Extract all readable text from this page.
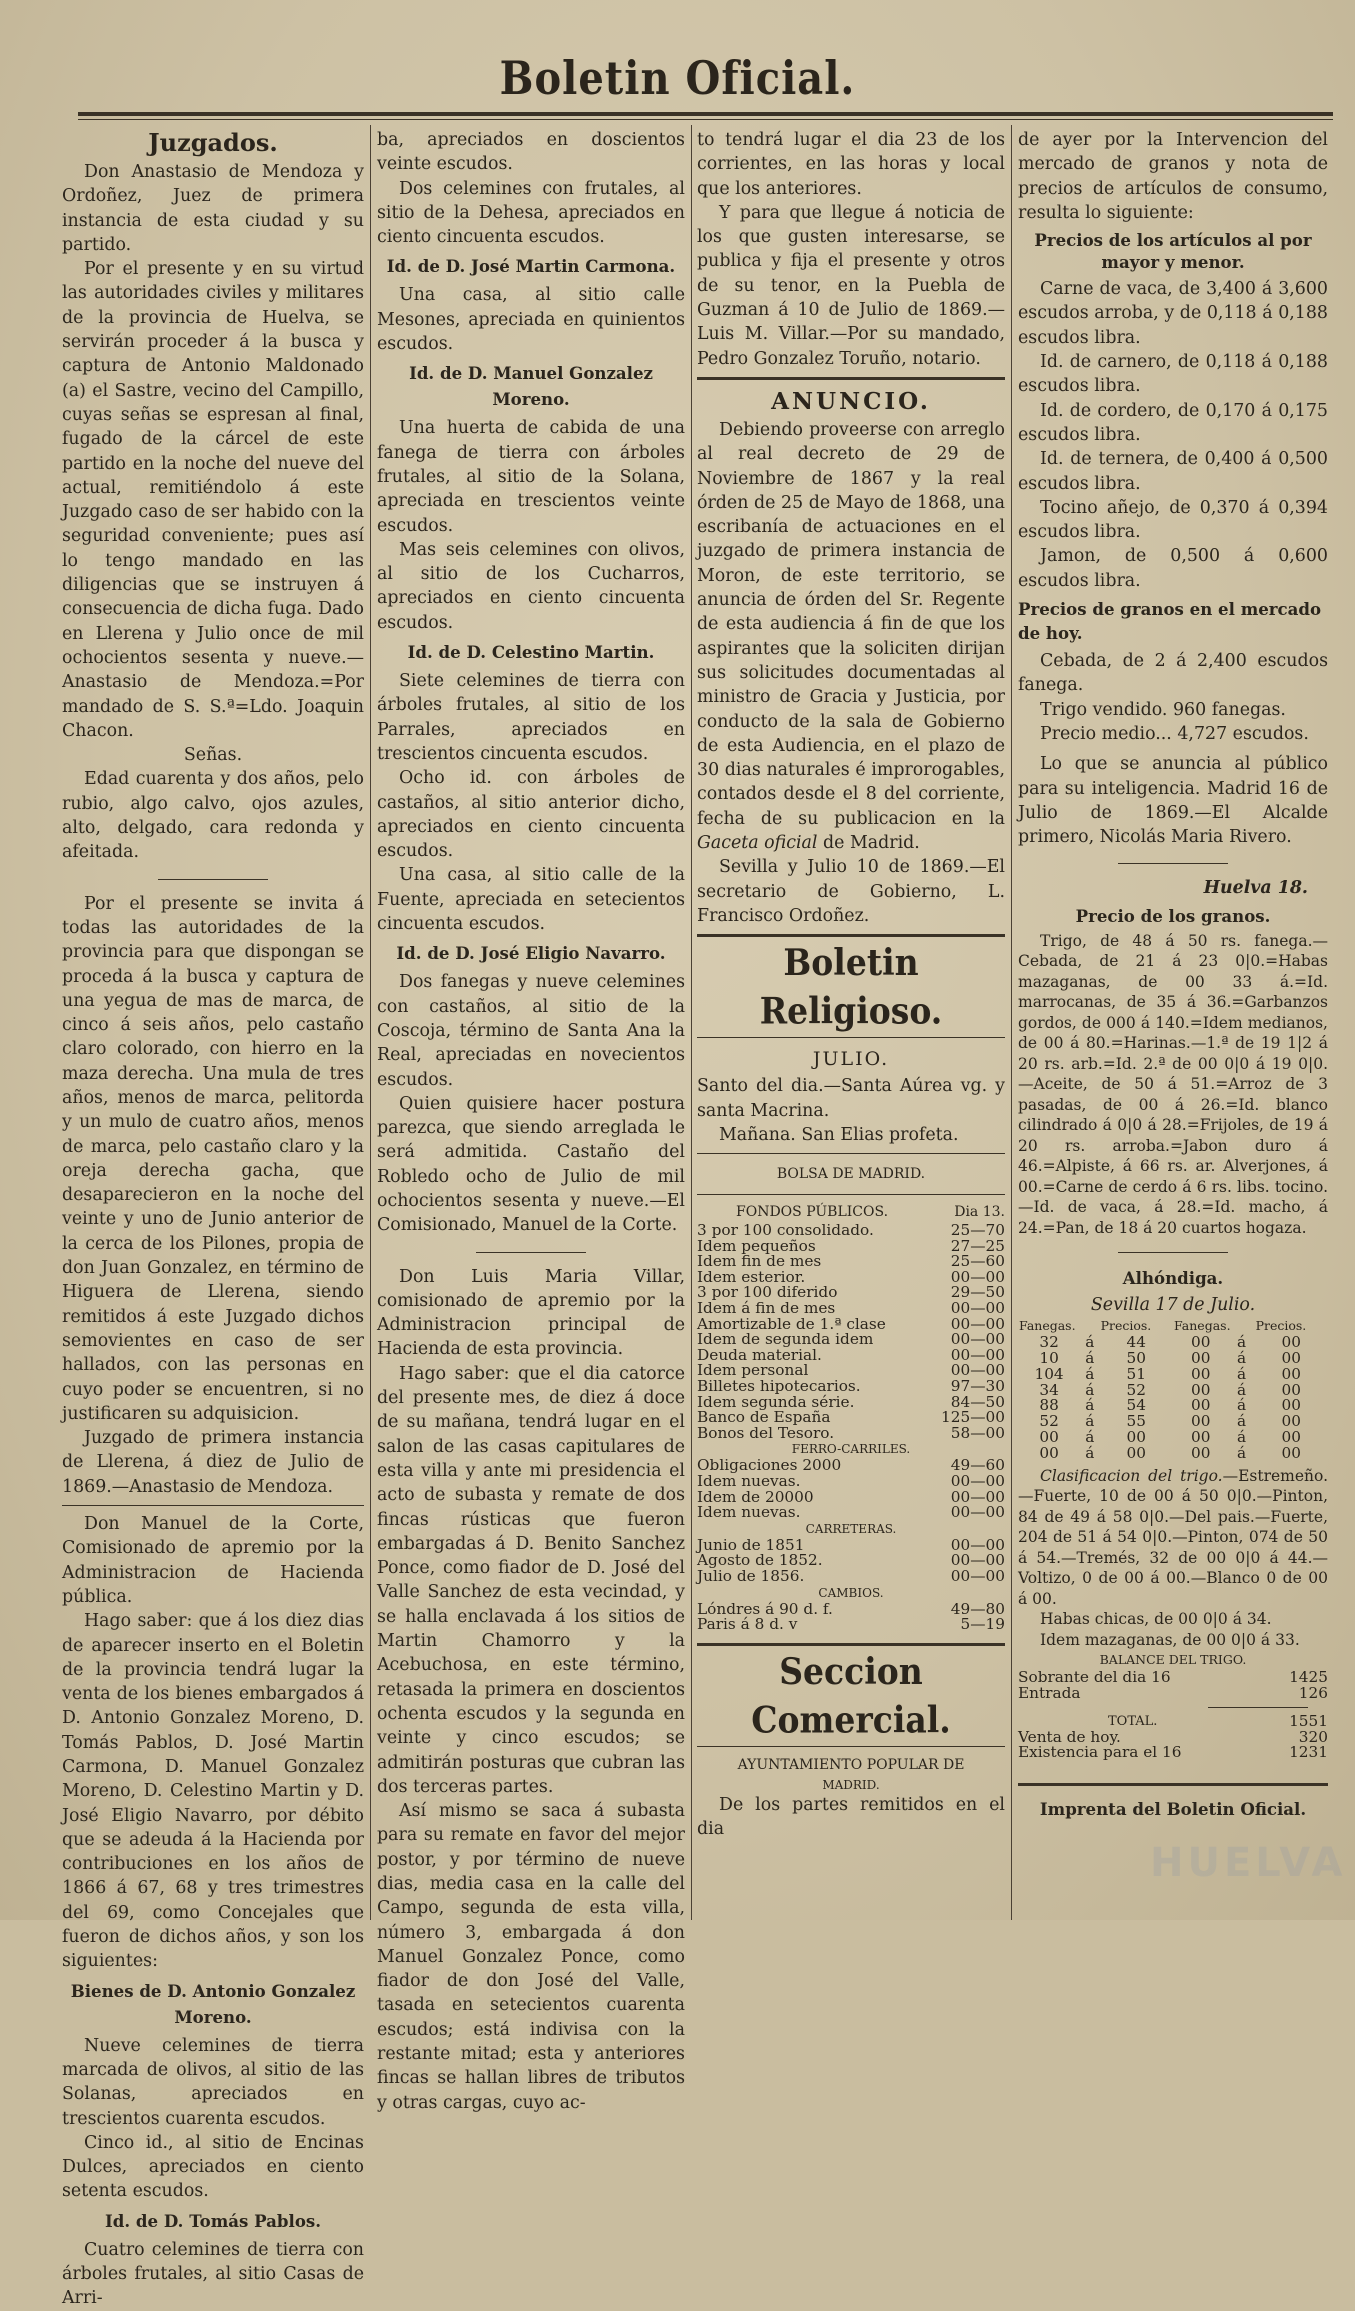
Boletin Oficial.
Juzgados.

Don Anastasio de Mendoza y Ordoñez, Juez de primera instancia de esta ciudad y su partido.

Por el presente y en su virtud las autoridades civiles y militares de la provincia de Huelva, se servirán proceder á la busca y captura de Antonio Maldonado (a) el Sastre, vecino del Campillo, cuyas señas se espresan al final, fugado de la cárcel de este partido en la noche del nueve del actual, remitiéndolo á este Juzgado caso de ser habido con la seguridad conveniente; pues así lo tengo mandado en las diligencias que se instruyen á consecuencia de dicha fuga. Dado en Llerena y Julio once de mil ochocientos sesenta y nueve.—Anastasio de Mendoza.=Por mandado de S. S.ª=Ldo. Joaquin Chacon.

Señas.

Edad cuarenta y dos años, pelo rubio, algo calvo, ojos azules, alto, delgado, cara redonda y afeitada.

Por el presente se invita á todas las autoridades de la provincia para que dispongan se proceda á la busca y captura de una yegua de mas de marca, de cinco á seis años, pelo castaño claro colorado, con hierro en la maza derecha. Una mula de tres años, menos de marca, pelitorda y un mulo de cuatro años, menos de marca, pelo castaño claro y la oreja derecha gacha, que desaparecieron en la noche del veinte y uno de Junio anterior de la cerca de los Pilones, propia de don Juan Gonzalez, en término de Higuera de Llerena, siendo remitidos á este Juzgado dichos semovientes en caso de ser hallados, con las personas en cuyo poder se encuentren, si no justificaren su adquisicion.

Juzgado de primera instancia de Llerena, á diez de Julio de 1869.—Anastasio de Mendoza.

Don Manuel de la Corte, Comisionado de apremio por la Administracion de Hacienda pública.

Hago saber: que á los diez dias de aparecer inserto en el Boletin de la provincia tendrá lugar la venta de los bienes embargados á D. Antonio Gonzalez Moreno, D. Tomás Pablos, D. José Martin Carmona, D. Manuel Gonzalez Moreno, D. Celestino Martin y D. José Eligio Navarro, por débito que se adeuda á la Hacienda por contribuciones en los años de 1866 á 67, 68 y tres trimestres del 69, como Concejales que fueron de dichos años, y son los siguientes:

Bienes de D. Antonio Gonzalez Moreno.

Nueve celemines de tierra marcada de olivos, al sitio de las Solanas, apreciados en trescientos cuarenta escudos.

Cinco id., al sitio de Encinas Dulces, apreciados en ciento setenta escudos.

Id. de D. Tomás Pablos.

Cuatro celemines de tierra con árboles frutales, al sitio Casas de Arri-

ba, apreciados en doscientos veinte escudos.

Dos celemines con frutales, al sitio de la Dehesa, apreciados en ciento cincuenta escudos.

Id. de D. José Martin Carmona.

Una casa, al sitio calle Mesones, apreciada en quinientos escudos.

Id. de D. Manuel Gonzalez Moreno.

Una huerta de cabida de una fanega de tierra con árboles frutales, al sitio de la Solana, apreciada en trescientos veinte escudos.

Mas seis celemines con olivos, al sitio de los Cucharros, apreciados en ciento cincuenta escudos.

Id. de D. Celestino Martin.

Siete celemines de tierra con árboles frutales, al sitio de los Parrales, apreciados en trescientos cincuenta escudos.

Ocho id. con árboles de castaños, al sitio anterior dicho, apreciados en ciento cincuenta escudos.

Una casa, al sitio calle de la Fuente, apreciada en setecientos cincuenta escudos.

Id. de D. José Eligio Navarro.

Dos fanegas y nueve celemines con castaños, al sitio de la Coscoja, término de Santa Ana la Real, apreciadas en novecientos escudos.

Quien quisiere hacer postura parezca, que siendo arreglada le será admitida. Castaño del Robledo ocho de Julio de mil ochocientos sesenta y nueve.—El Comisionado, Manuel de la Corte.

Don Luis Maria Villar, comisionado de apremio por la Administracion principal de Hacienda de esta provincia.

Hago saber: que el dia catorce del presente mes, de diez á doce de su mañana, tendrá lugar en el salon de las casas capitulares de esta villa y ante mi presidencia el acto de subasta y remate de dos fincas rústicas que fueron embargadas á D. Benito Sanchez Ponce, como fiador de D. José del Valle Sanchez de esta vecindad, y se halla enclavada á los sitios de Martin Chamorro y la Acebuchosa, en este término, retasada la primera en doscientos ochenta escudos y la segunda en veinte y cinco escudos; se admitirán posturas que cubran las dos terceras partes.

Así mismo se saca á subasta para su remate en favor del mejor postor, y por término de nueve dias, media casa en la calle del Campo, segunda de esta villa, número 3, embargada á don Manuel Gonzalez Ponce, como fiador de don José del Valle, tasada en setecientos cuarenta escudos; está indivisa con la restante mitad; esta y anteriores fincas se hallan libres de tributos y otras cargas, cuyo ac-

to tendrá lugar el dia 23 de los corrientes, en las horas y local que los anteriores.

Y para que llegue á noticia de los que gusten interesarse, se publica y fija el presente y otros de su tenor, en la Puebla de Guzman á 10 de Julio de 1869.—Luis M. Villar.—Por su mandado, Pedro Gonzalez Toruño, notario.

ANUNCIO.

Debiendo proveerse con arreglo al real decreto de 29 de Noviembre de 1867 y la real órden de 25 de Mayo de 1868, una escribanía de actuaciones en el juzgado de primera instancia de Moron, de este territorio, se anuncia de órden del Sr. Regente de esta audiencia á fin de que los aspirantes que la soliciten dirijan sus solicitudes documentadas al ministro de Gracia y Justicia, por conducto de la sala de Gobierno de esta Audiencia, en el plazo de 30 dias naturales é improrogables, contados desde el 8 del corriente, fecha de su publicacion en la Gaceta oficial de Madrid.

Sevilla y Julio 10 de 1869.—El secretario de Gobierno, L. Francisco Ordoñez.

Boletin Religioso.
JULIO.

Santo del dia.—Santa Aúrea vg. y santa Macrina.

Mañana. San Elias profeta.

BOLSA DE MADRID.
FONDOS PÚBLICOS.	Dia 13.
3 por 100 consolidado.	25—70
Idem pequeños	27—25
Idem fin de mes	25—60
Idem esterior.	00—00
3 por 100 diferido	29—50
Idem á fin de mes	00—00
Amortizable de 1.ª clase	00—00
Idem de segunda idem	00—00
Deuda material.	00—00
Idem personal	00—00
Billetes hipotecarios.	97—30
Idem segunda série.	84—50
Banco de España	125—00
Bonos del Tesoro.	58—00
FERRO-CARRILES.	
Obligaciones 2000	49—60
Idem nuevas.	00—00
Idem de 20000	00—00
Idem nuevas.	00—00
CARRETERAS.	
Junio de 1851	00—00
Agosto de 1852.	00—00
Julio de 1856.	00—00
CAMBIOS.	
Lóndres á 90 d. f.	49—80
Paris á 8 d. v	5—19
Seccion Comercial.
AYUNTAMIENTO POPULAR DE
MADRID.

De los partes remitidos en el dia

de ayer por la Intervencion del mercado de granos y nota de precios de artículos de consumo, resulta lo siguiente:

Precios de los artículos al por mayor y menor.

Carne de vaca, de 3,400 á 3,600 escudos arroba, y de 0,118 á 0,188 escudos libra.

Id. de carnero, de 0,118 á 0,188 escudos libra.

Id. de cordero, de 0,170 á 0,175 escudos libra.

Id. de ternera, de 0,400 á 0,500 escudos libra.

Tocino añejo, de 0,370 á 0,394 escudos libra.

Jamon, de 0,500 á 0,600 escudos libra.

Precios de granos en el mercado de hoy.

Cebada, de 2 á 2,400 escudos fanega.

Trigo vendido. 960 fanegas.

Precio medio... 4,727 escudos.

Lo que se anuncia al público para su inteligencia. Madrid 16 de Julio de 1869.—El Alcalde primero, Nicolás Maria Rivero.

Huelva 18.
Precio de los granos.

Trigo, de 48 á 50 rs. fanega.—Cebada, de 21 á 23 0|0.=Habas mazaganas, de 00 33 á.=Id. marrocanas, de 35 á 36.=Garbanzos gordos, de 000 á 140.=Idem medianos, de 00 á 80.=Harinas.—1.ª de 19 1|2 á 20 rs. arb.=Id. 2.ª de 00 0|0 á 19 0|0.—Aceite, de 50 á 51.=Arroz de 3 pasadas, de 00 á 26.=Id. blanco cilindrado á 0|0 á 28.=Frijoles, de 19 á 20 rs. arroba.=Jabon duro á 46.=Alpiste, á 66 rs. ar. Alverjones, á 00.=Carne de cerdo á 6 rs. libs. tocino.—Id. de vaca, á 28.=Id. macho, á 24.=Pan, de 18 á 20 cuartos hogaza.

Alhóndiga.
Sevilla 17 de Julio.
Fanegas.		Precios.	Fanegas.		Precios.
32	á	44	00	á	00
10	á	50	00	á	00
104	á	51	00	á	00
34	á	52	00	á	00
88	á	54	00	á	00
52	á	55	00	á	00
00	á	00	00	á	00
00	á	00	00	á	00

Clasificacion del trigo.—Estremeño.—Fuerte, 10 de 00 á 50 0|0.—Pinton, 84 de 49 á 58 0|0.—Del pais.—Fuerte, 204 de 51 á 54 0|0.—Pinton, 074 de 50 á 54.—Tremés, 32 de 00 0|0 á 44.—Voltizo, 0 de 00 á 00.—Blanco 0 de 00 á 00.

Habas chicas, de 00 0|0 á 34.

Idem mazaganas, de 00 0|0 á 33.

BALANCE DEL TRIGO.
Sobrante del dia 16	1425
Entrada	126
TOTAL.	1551
Venta de hoy.	320
Existencia para el 16	1231
Imprenta del Boletin Oficial.
HUELVA
